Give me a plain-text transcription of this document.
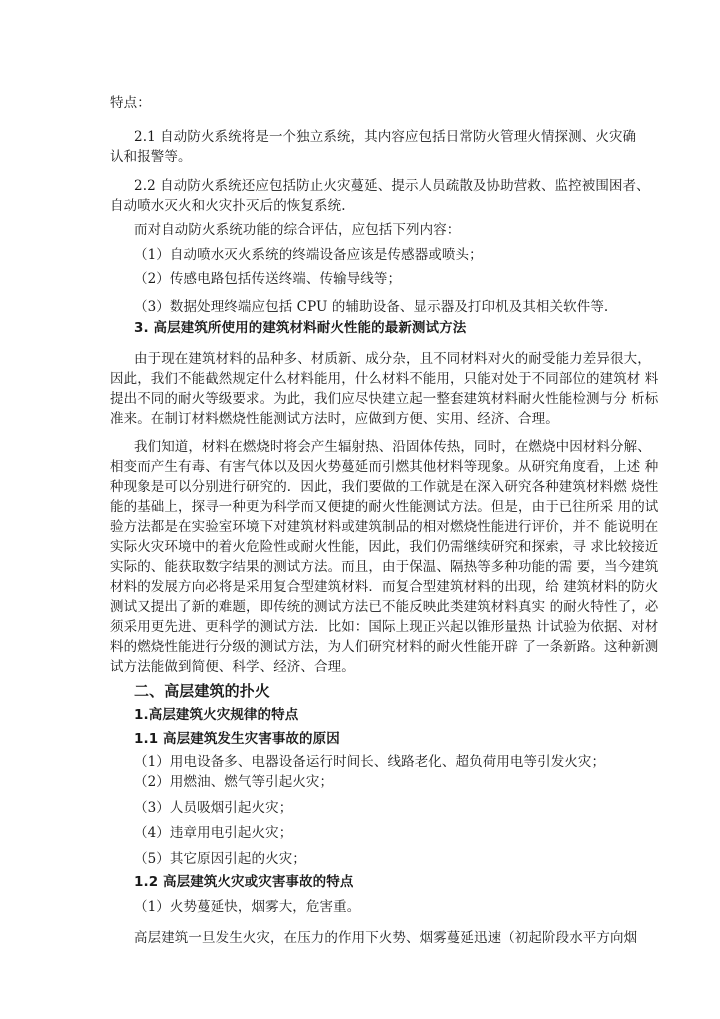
特点：
2.1 自动防火系统将是一个独立系统，其内容应包括日常防火管理火情探测、火灾确
认和报警等。
2.2 自动防火系统还应包括防止火灾蔓延、提示人员疏散及协助营救、监控被围困者、
自动喷水灭火和火灾扑灭后的恢复系统.
而对自动防火系统功能的综合评估，应包括下列内容：
（1）自动喷水灭火系统的终端设备应该是传感器或喷头；
（2）传感电路包括传送终端、传输导线等；
（3）数据处理终端应包括 CPU 的辅助设备、显示器及打印机及其相关软件等.
3. 高层建筑所使用的建筑材料耐火性能的最新测试方法
由于现在建筑材料的品种多、材质新、成分杂，且不同材料对火的耐受能力差异很大，
因此，我们不能截然规定什么材料能用，什么材料不能用，只能对处于不同部位的建筑材 料
提出不同的耐火等级要求。为此，我们应尽快建立起一整套建筑材料耐火性能检测与分 析标
准来。在制订材料燃烧性能测试方法时，应做到方便、实用、经济、合理。
我们知道，材料在燃烧时将会产生辐射热、沿固体传热，同时，在燃烧中因材料分解、
相变而产生有毒、有害气体以及因火势蔓延而引燃其他材料等现象。从研究角度看，上述 种
种现象是可以分别进行研究的．因此，我们要做的工作就是在深入研究各种建筑材料燃 烧性
能的基础上，探寻一种更为科学而又便捷的耐火性能测试方法。但是，由于已往所采 用的试
验方法都是在实验室环境下对建筑材料或建筑制品的相对燃烧性能进行评价，并不 能说明在
实际火灾环境中的着火危险性或耐火性能，因此，我们仍需继续研究和探索，寻 求比较接近
实际的、能获取数字结果的测试方法。而且，由于保温、隔热等多种功能的需 要，当今建筑
材料的发展方向必将是采用复合型建筑材料．而复合型建筑材料的出现，给 建筑材料的防火
测试又提出了新的难题，即传统的测试方法已不能反映此类建筑材料真实 的耐火特性了，必
须采用更先进、更科学的测试方法．比如：国际上现正兴起以锥形量热 计试验为依据、对材
料的燃烧性能进行分级的测试方法，为人们研究材料的耐火性能开辟 了一条新路。这种新测
试方法能做到简便、科学、经济、合理。
二、高层建筑的扑火
1.高层建筑火灾规律的特点
1.1 高层建筑发生灾害事故的原因
（1）用电设备多、电器设备运行时间长、线路老化、超负荷用电等引发火灾；
（2）用燃油、燃气等引起火灾；
（3）人员吸烟引起火灾；
（4）违章用电引起火灾；
（5）其它原因引起的火灾；
1.2 高层建筑火灾或灾害事故的特点
（1）火势蔓延快，烟雾大，危害重。
高层建筑一旦发生火灾，在压力的作用下火势、烟雾蔓延迅速（初起阶段水平方向烟
